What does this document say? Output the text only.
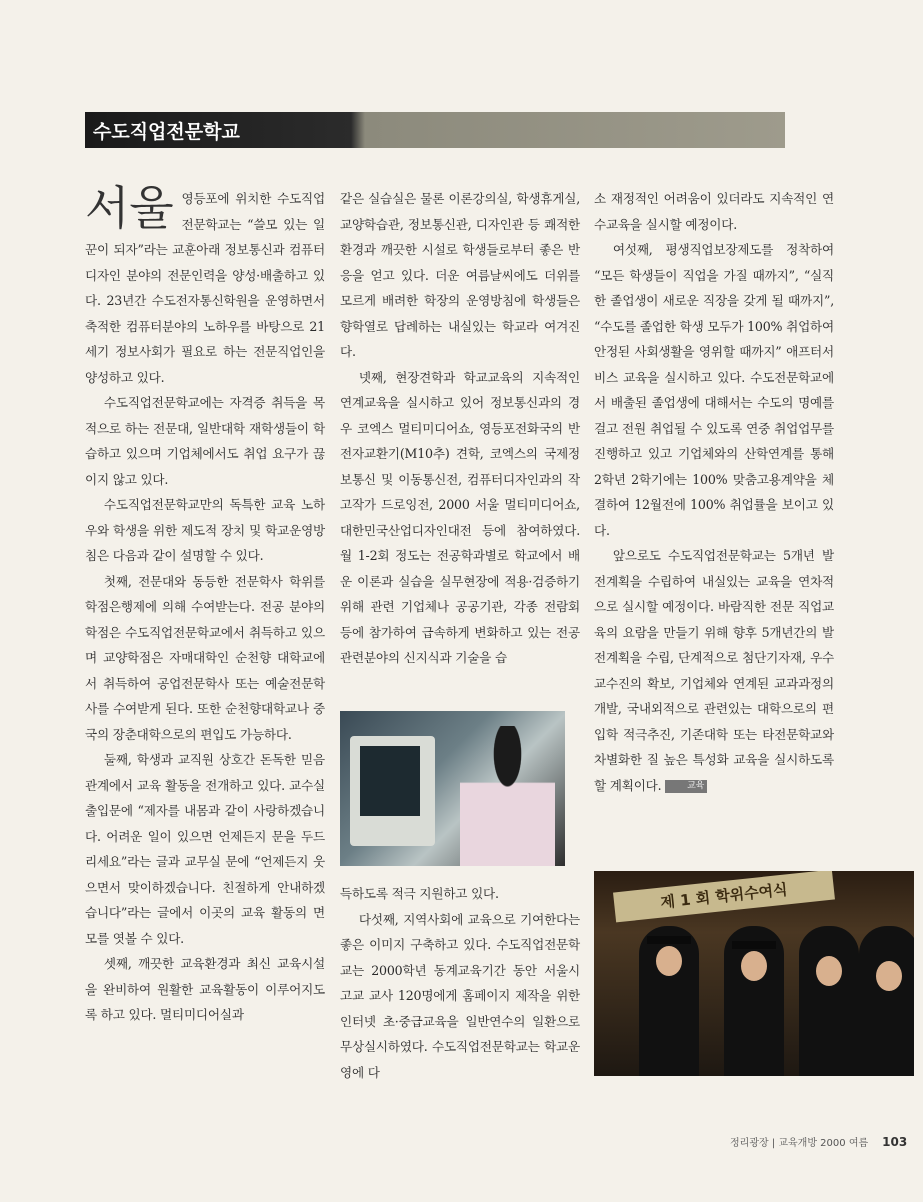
수도직업전문학교

서울 영등포에 위치한 수도직업전문학교는 “쓸모 있는 일꾼이 되자”라는 교훈아래 정보통신과 컴퓨터디자인 분야의 전문인력을 양성·배출하고 있다. 23년간 수도전자통신학원을 운영하면서 축적한 컴퓨터분야의 노하우를 바탕으로 21세기 정보사회가 필요로 하는 전문직업인을 양성하고 있다.

수도직업전문학교에는 자격증 취득을 목적으로 하는 전문대, 일반대학 재학생들이 학습하고 있으며 기업체에서도 취업 요구가 끊이지 않고 있다.

수도직업전문학교만의 독특한 교육 노하우와 학생을 위한 제도적 장치 및 학교운영방침은 다음과 같이 설명할 수 있다.

첫째, 전문대와 동등한 전문학사 학위를 학점은행제에 의해 수여받는다. 전공 분야의 학점은 수도직업전문학교에서 취득하고 있으며 교양학점은 자매대학인 순천향 대학교에서 취득하여 공업전문학사 또는 예술전문학사를 수여받게 된다. 또한 순천향대학교나 중국의 장춘대학으로의 편입도 가능하다.

둘째, 학생과 교직원 상호간 돈독한 믿음 관계에서 교육 활동을 전개하고 있다. 교수실 출입문에 “제자를 내몸과 같이 사랑하겠습니다. 어려운 일이 있으면 언제든지 문을 두드리세요”라는 글과 교무실 문에 “언제든지 웃으면서 맞이하겠습니다. 친절하게 안내하겠습니다”라는 글에서 이곳의 교육 활동의 면모를 엿볼 수 있다.

셋째, 깨끗한 교육환경과 최신 교육시설을 완비하여 원활한 교육활동이 이루어지도록 하고 있다. 멀티미디어실과

같은 실습실은 물론 이론강의실, 학생휴게실, 교양학습관, 정보통신관, 디자인관 등 쾌적한 환경과 깨끗한 시설로 학생들로부터 좋은 반응을 얻고 있다. 더운 여름날씨에도 더위를 모르게 배려한 학장의 운영방침에 학생들은 향학열로 답례하는 내실있는 학교라 여겨진다.

넷째, 현장견학과 학교교육의 지속적인 연계교육을 실시하고 있어 정보통신과의 경우 코엑스 멀티미디어쇼, 영등포전화국의 반전자교환기(M10추) 견학, 코엑스의 국제정보통신 및 이동통신전, 컴퓨터디자인과의 작고작가 드로잉전, 2000 서울 멀티미디어쇼, 대한민국산업디자인대전 등에 참여하였다. 월 1-2회 정도는 전공학과별로 학교에서 배운 이론과 실습을 실무현장에 적용·검증하기 위해 관련 기업체나 공공기관, 각종 전람회 등에 참가하여 급속하게 변화하고 있는 전공관련분야의 신지식과 기술을 습

득하도록 적극 지원하고 있다.

다섯째, 지역사회에 교육으로 기여한다는 좋은 이미지 구축하고 있다. 수도직업전문학교는 2000학년 동계교육기간 동안 서울시 고교 교사 120명에게 홈페이지 제작을 위한 인터넷 초·중급교육을 일반연수의 일환으로 무상실시하였다. 수도직업전문학교는 학교운영에 다

소 재정적인 어려움이 있더라도 지속적인 연수교육을 실시할 예정이다.

여섯째, 평생직업보장제도를 정착하여 “모든 학생들이 직업을 가질 때까지”, “실직한 졸업생이 새로운 직장을 갖게 될 때까지”, “수도를 졸업한 학생 모두가 100% 취업하여 안정된 사회생활을 영위할 때까지” 애프터서비스 교육을 실시하고 있다. 수도전문학교에서 배출된 졸업생에 대해서는 수도의 명예를 걸고 전원 취업될 수 있도록 연중 취업업무를 진행하고 있고 기업체와의 산학연계를 통해 2학년 2학기에는 100% 맞춤고용계약을 체결하여 12월전에 100% 취업률을 보이고 있다.

앞으로도 수도직업전문학교는 5개년 발전계획을 수립하여 내실있는 교육을 연차적으로 실시할 예정이다. 바람직한 전문 직업교육의 요람을 만들기 위해 향후 5개년간의 발전계획을 수립, 단계적으로 첨단기자재, 우수 교수진의 확보, 기업체와 연계된 교과과정의 개발, 국내외적으로 관련있는 대학으로의 편입학 적극추진, 기존대학 또는 타전문학교와 차별화한 질 높은 특성화 교육을 실시하도록 할 계획이다.	교육

제 1 회 학위수여식
정리광장 | 교육개방 2000 여름 103
